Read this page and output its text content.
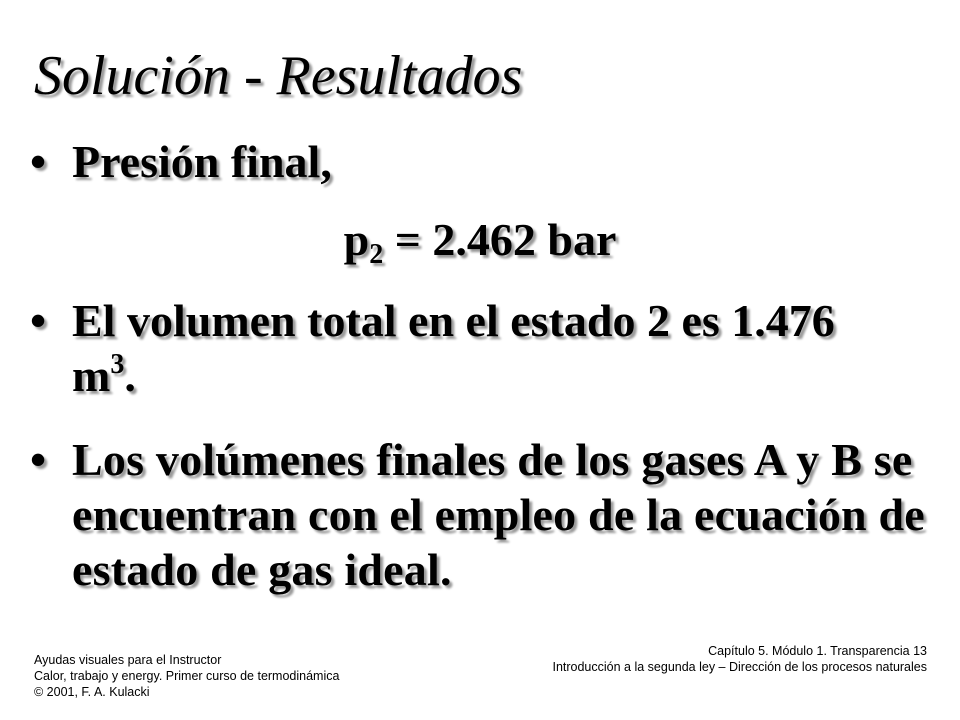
Solución - Resultados
• Presión final,
$p_2 = 2.462$ bar
• El volumen total en el estado 2 es 1.476 $m^3$.
• Los volúmenes finales de los gases A y B se encuentran con el empleo de la ecuación de estado de gas ideal.
Ayudas visuales para el Instructor
Calor, trabajo y energy. Primer curso de termodinámica
© 2001, F. A. Kulacki
Capítulo 5. Módulo 1. Transparencia 13
Introducción a la segunda ley – Dirección de los procesos naturales
